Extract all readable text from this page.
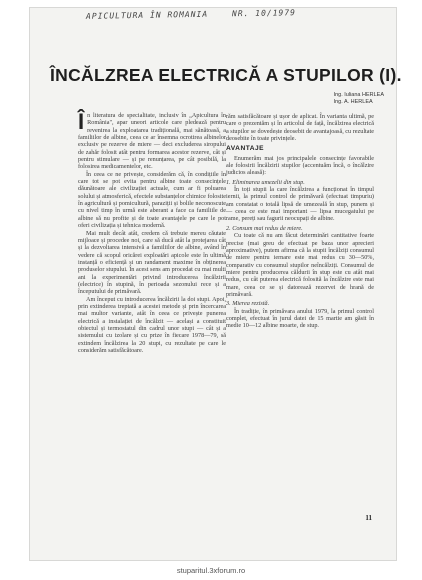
APICULTURA ÎN ROMANIA	NR. 10/1979
ÎNCĂLZREA ELECTRICĂ A STUPILOR (I).
Ing. Iuliana HERLEA
Ing. A. HERLEA

În literatura de specialitate, inclusiv în „Apicultura în România", apar uneori articole care pledează pentru revenirea la exploatarea tradițională, mai sănătoasă, a familiilor de albine, ceea ce ar însemna ocrotirea albinelor exclusiv pe rezerve de miere — deci excluderea siropului de zahăr folosit atât pentru formarea acestor rezerve, cât și pentru stimulare — și pe renunțarea, pe cât posibilă, la folosirea medicamentelor, etc.

În ceea ce ne privește, considerăm că, în condițiile în care tot se pot evita pentru albine toate consecințele dăunătoare ale civilizației actuale, cum ar fi poluarea solului și atmosferică, efectele substanțelor chimice folosite în agricultură și pomicultură, paraziții și bolile neconoscute cu nivel timp în urmă este aberant a face ca familiile de albine să nu profite și de toate avantajele pe care le pot oferi civilizația și tehnica modernă.

Mai mult decât atât, credem că trebuie mereu căutate mijloace și procedee noi, care să ducă atât la protejarea cât și la dezvoltarea intensivă a familiilor de albine, având în vedere că scopul oricărei exploatări apicole este în ultimă instanță o eficiență și un randament maxime în obținerea produselor stupului. În acest sens am procedat cu mai multi ani la experimentări privind introducerea încălzirii (electrice) în stupină, în perioada sezonului rece și a începutului de primăvară.

Am început cu introducerea încălzirii la doi stupi. Apoi, prin extinderea treptată a acestei metode și prin încercarea mai multor variante, atât în ceea ce privește punerea electrică a instalației de încălzit — același a constituit obiectul și termostatul din cadrul unor stupi — cât și a sistemului cu izolare și cu prize în fiecare 1978—79, să extindem încălzirea la 20 stupi, cu rezultate pe care le considerăm satisfăcătoare.

răm satisfăcătoare și ușor de aplicat. În varianta ultimă, pe care o prezentăm și în articolul de față, încălzirea electrică a stupilor se dovedește deosebit de avantajoasă, cu rezultate deosebite în toate privințele.

AVANTAJE

Enumerăm mai jos principalele consecințe favorabile ale folosirii încălzirii stupilor (accentuăm încă, o încălzire judicios aleasă):

1. Eliminarea umezelii din stup.

În toți stupii la care încălzirea a funcționat în timpul iernii, la primul control de primăvară (efectuat timpuriu) am constatat o totală lipsă de umezeală în stup, punem și — ceea ce este mai important — lipsa mucegaiului pe rame, pereți sau fagurii neocupați de albine.

2. Consum mai redus de miere.

Cu toate că nu am făcut determinări cantitative foarte precise (mai greu de efectuat pe baza unor aprecieri aproximative), putem afirma că la stupii încălziți consumul de miere pentru iernare este mai redus cu 30—50%, comparativ cu consumul stupilor neîncălziți. Consumul de miere pentru producerea căldurii în stup este cu atât mai redus, cu cât puterea electrică folosită la încălzire este mai mare, ceea ce se și datorează rezervei de hrană de primăvară.

3. Mierea rezistă.

În tradiție, în primăvara anului 1979, la primul control complet, efectuat în jurul datei de 15 martie am găsit în medie 10—12 albine moarte, de stup.

11
stuparitul.3xforum.ro
